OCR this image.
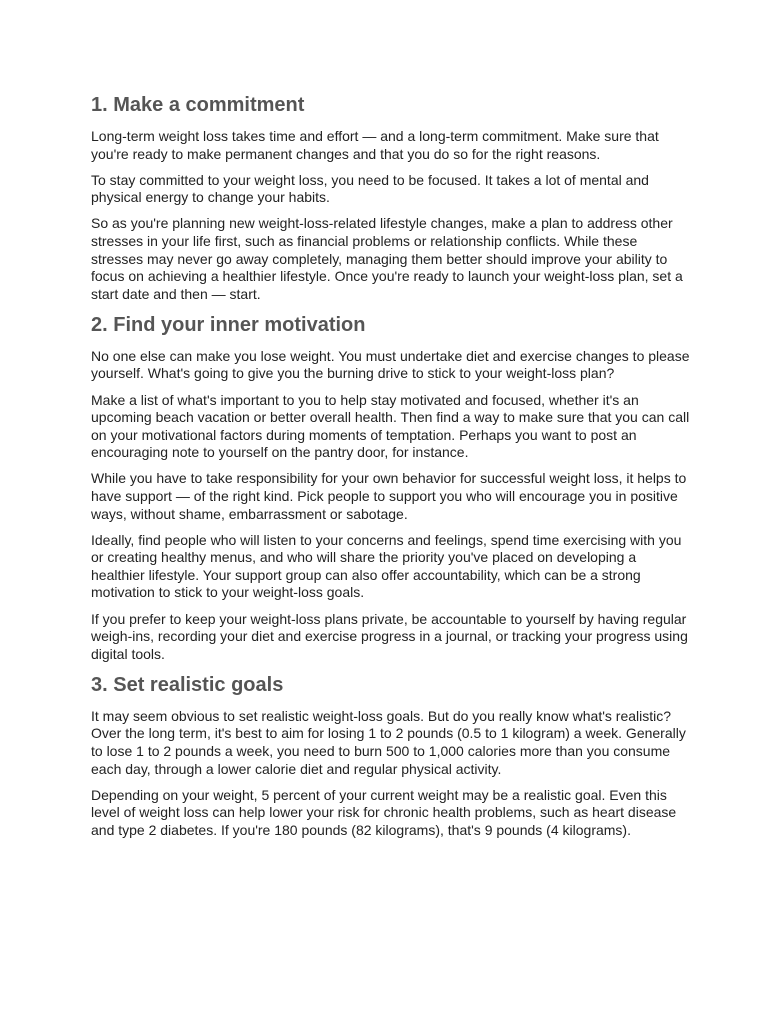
1. Make a commitment

Long-term weight loss takes time and effort — and a long-term commitment. Make sure that you're ready to make permanent changes and that you do so for the right reasons.

To stay committed to your weight loss, you need to be focused. It takes a lot of mental and physical energy to change your habits.

So as you're planning new weight-loss-related lifestyle changes, make a plan to address other stresses in your life first, such as financial problems or relationship conflicts. While these stresses may never go away completely, managing them better should improve your ability to focus on achieving a healthier lifestyle. Once you're ready to launch your weight-loss plan, set a start date and then — start.

2. Find your inner motivation

No one else can make you lose weight. You must undertake diet and exercise changes to please yourself. What's going to give you the burning drive to stick to your weight-loss plan?

Make a list of what's important to you to help stay motivated and focused, whether it's an upcoming beach vacation or better overall health. Then find a way to make sure that you can call on your motivational factors during moments of temptation. Perhaps you want to post an encouraging note to yourself on the pantry door, for instance.

While you have to take responsibility for your own behavior for successful weight loss, it helps to have support — of the right kind. Pick people to support you who will encourage you in positive ways, without shame, embarrassment or sabotage.

Ideally, find people who will listen to your concerns and feelings, spend time exercising with you or creating healthy menus, and who will share the priority you've placed on developing a healthier lifestyle. Your support group can also offer accountability, which can be a strong motivation to stick to your weight-loss goals.

If you prefer to keep your weight-loss plans private, be accountable to yourself by having regular weigh-ins, recording your diet and exercise progress in a journal, or tracking your progress using digital tools.

3. Set realistic goals

It may seem obvious to set realistic weight-loss goals. But do you really know what's realistic? Over the long term, it's best to aim for losing 1 to 2 pounds (0.5 to 1 kilogram) a week. Generally to lose 1 to 2 pounds a week, you need to burn 500 to 1,000 calories more than you consume each day, through a lower calorie diet and regular physical activity.

Depending on your weight, 5 percent of your current weight may be a realistic goal. Even this level of weight loss can help lower your risk for chronic health problems, such as heart disease and type 2 diabetes. If you're 180 pounds (82 kilograms), that's 9 pounds (4 kilograms).
